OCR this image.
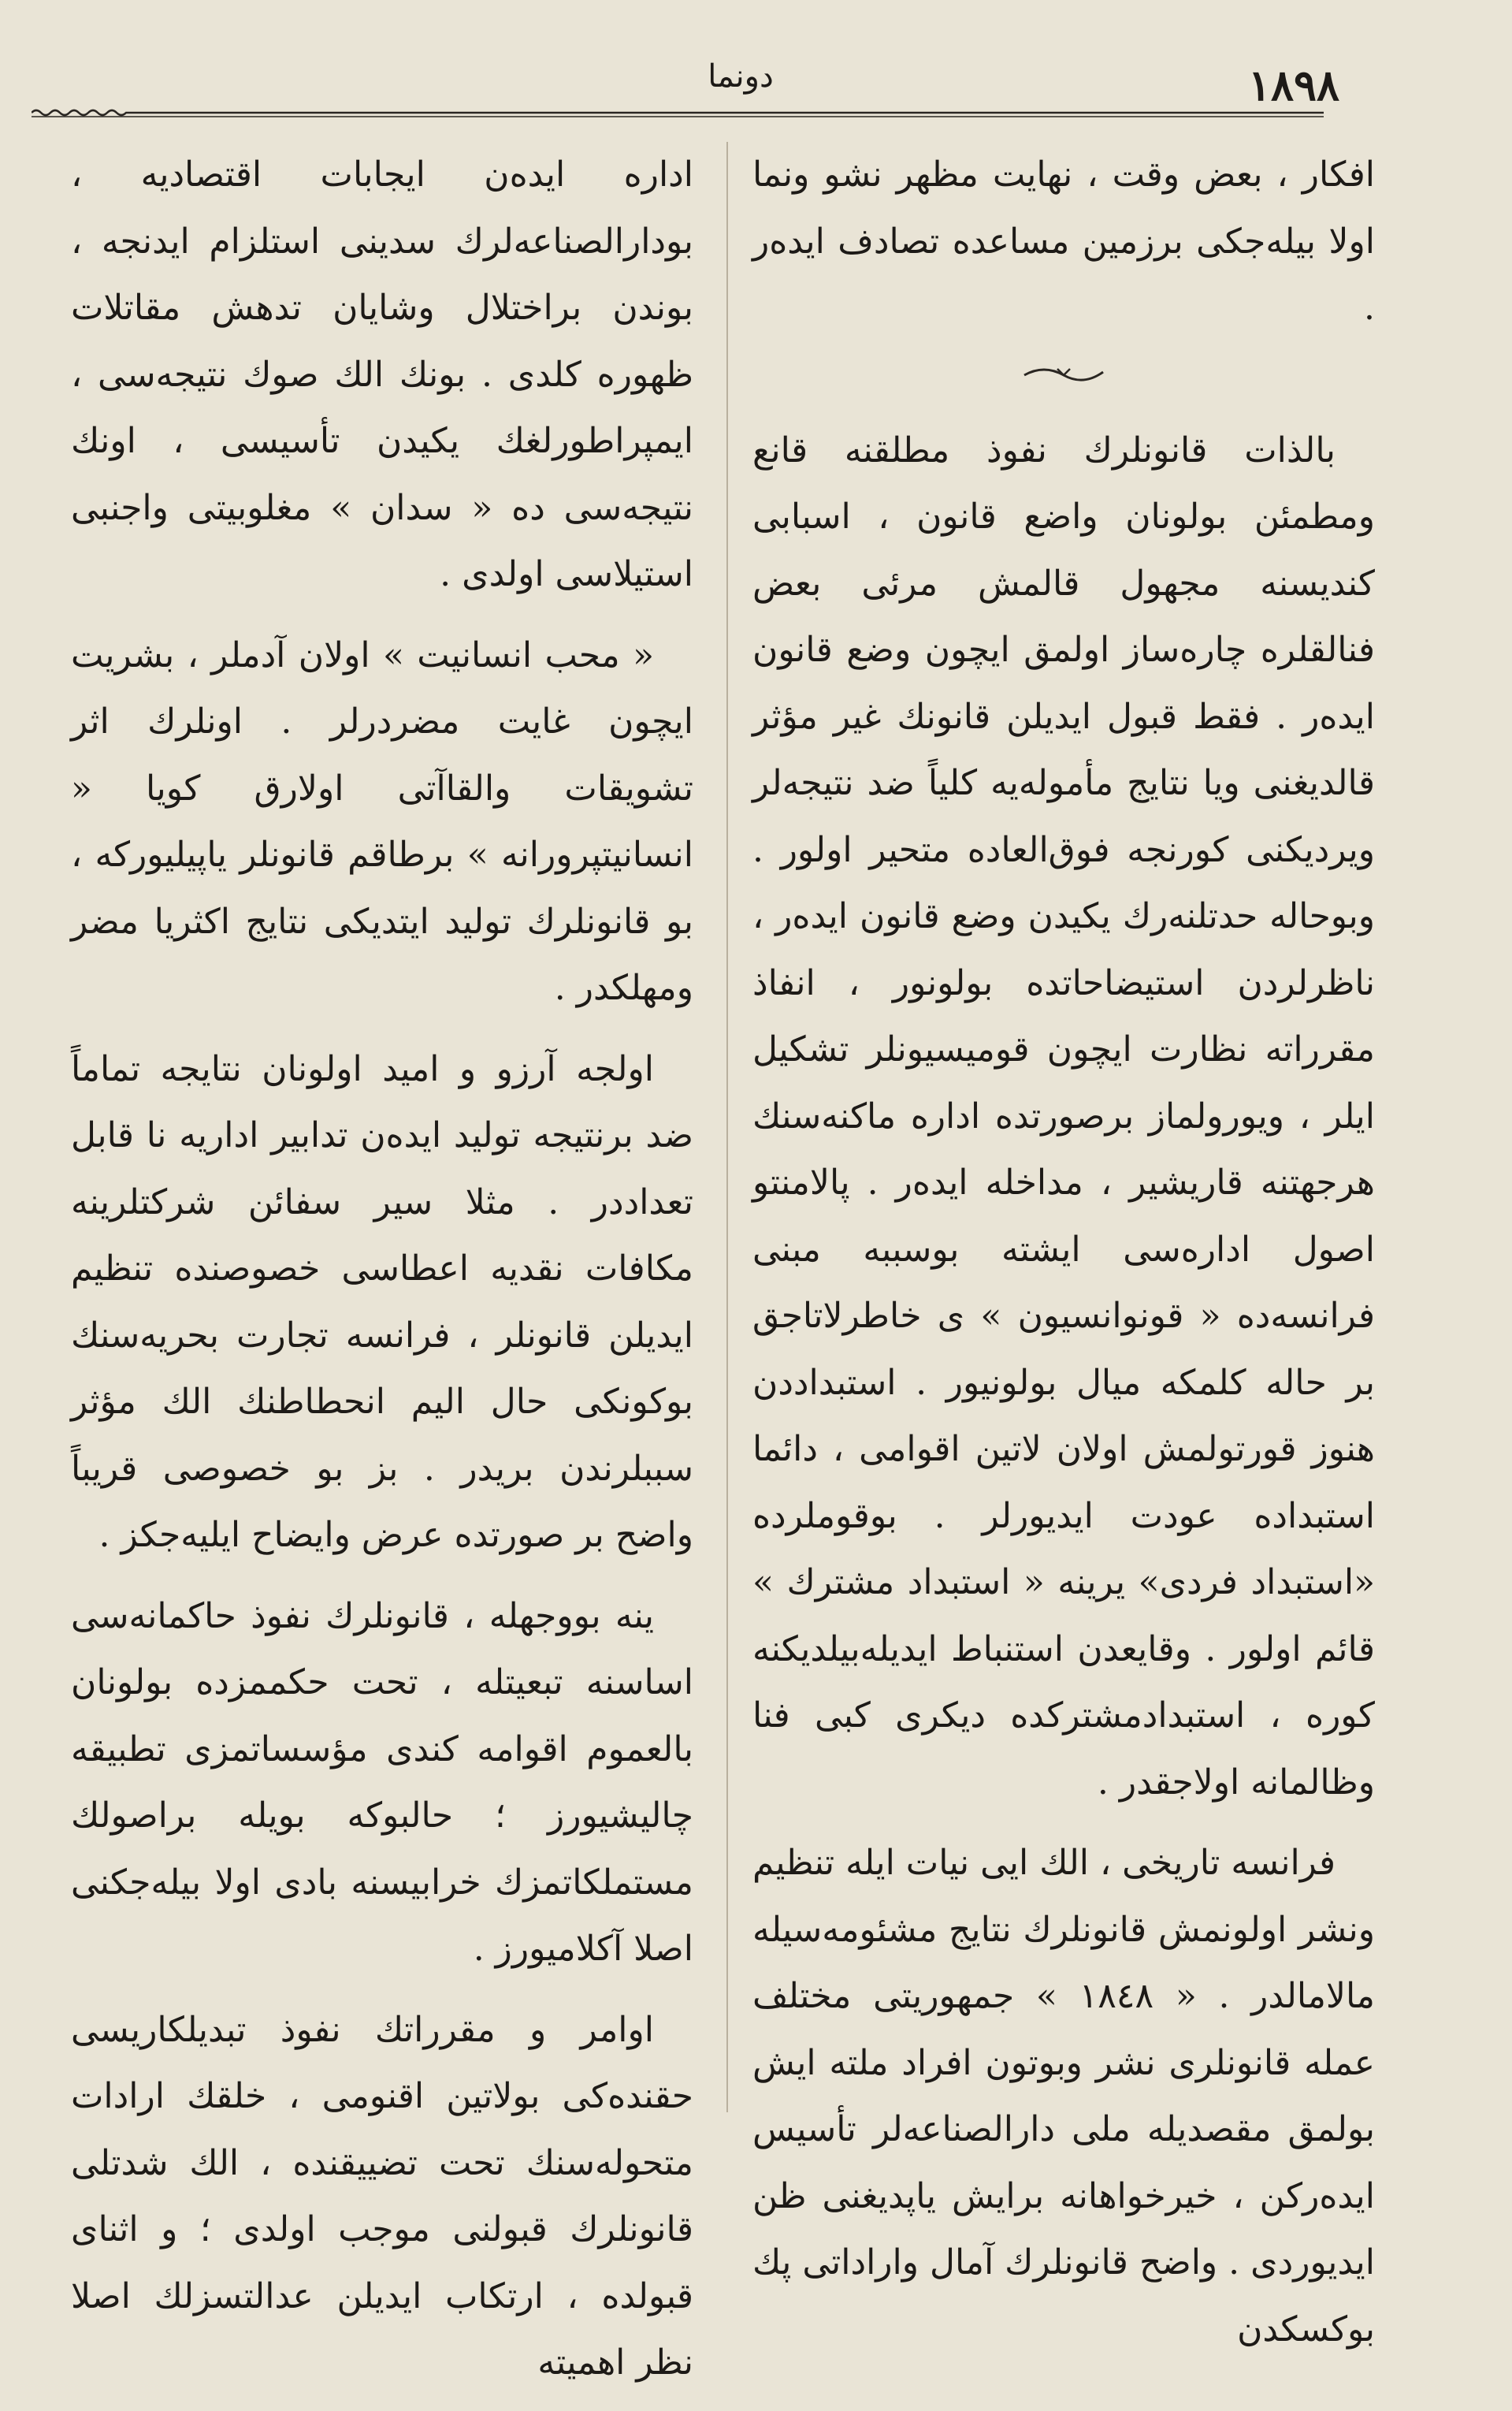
دونما	١٨٩٨

افکار ، بعض وقت ، نهایت مظهر نشو ونما اولا بیله‌جکی برزمین مساعده تصادف ایدەر .

بالذات قانونلرك نفوذ مطلقنه قانع ومطمئن بولونان واضع قانون ، اسبابی کندیسنه مجهول قالمش مرئی بعض فنالقلره چاره‌ساز اولمق ایچون وضع قانون ایدەر . فقط قبول ایدیلن قانونك غیر مؤثر قالدیغنی ویا نتایج مأموله‌یه کلیاً ضد نتیجه‌لر ویردیکنی کورنجه فوق‌العاده متحیر اولور . وبوحاله حدتلنه‌رك یکیدن وضع قانون ایدەر ، ناظرلردن استیضاحاتده بولونور ، انفاذ مقرراته نظارت ایچون قومیسیونلر تشکیل ایلر ، ویورولماز برصورتده اداره ماکنه‌سنك هرجهتنه قاریشیر ، مداخله ایدەر . پالامنتو اصول اداره‌سی ایشته بوسببه مبنی فرانسه‌ده « قونوانسیون » ی خاطرلاتاجق بر حاله کلمکه میال بولونیور . استبداددن هنوز قورتولمش اولان لاتین اقوامی ، دائما استبداده عودت ایدیورلر . بوقوملرده «استبداد فردی» یرینه « استبداد مشترك » قائم اولور . وقایعدن استنباط ایدیله‌بیلدیکنه کوره ، استبدادمشترکده دیکری کبی فنا وظالمانه اولاجقدر .

فرانسه تاریخی ، الك ایی نیات ایله تنظیم ونشر اولونمش قانونلرك نتایج مشئومه‌سیله مالامالدر . « ١٨٤٨ » جمهوریتی مختلف عمله قانونلری نشر وبوتون افراد ملته ایش بولمق مقصدیله ملی دارالصناعه‌لر تأسیس ایده‌رکن ، خیرخواهانه برایش یاپدیغنی ظن ایدیوردی . واضح قانونلرك آمال واراداتی پك بوکسکدن

اداره ایده‌ن ایجابات اقتصادیه ، بودارالصناعه‌لرك سدینی استلزام ایدنجه ، بوندن براختلال وشایان تدهش مقاتلات ظهوره کلدی . بونك الك صوك نتیجه‌سی ، ایمپراطورلغك یکیدن تأسیسی ، اونك نتیجه‌سی ده « سدان » مغلوبیتی واجنبی استیلاسی اولدی .

« محب انسانیت » اولان آدملر ، بشریت ایچون غایت مضردرلر . اونلرك اثر تشویقات والقاآتی اولارق کویا « انسانیتپرورانه » برطاقم قانونلر یاپیلیورکه ، بو قانونلرك تولید ایتدیکی نتایج اکثریا مضر ومهلکدر .

اولجه آرزو و امید اولونان نتایجه تماماً ضد برنتیجه تولید ایده‌ن تدابیر اداریه نا قابل تعداددر . مثلا سیر سفائن شرکتلرینه مکافات نقدیه اعطاسی خصوصنده تنظیم ایدیلن قانونلر ، فرانسه تجارت بحریه‌سنك بوکونکی حال الیم انحطاطنك الك مؤثر سببلرندن بریدر . بز بو خصوصی قریباً واضح بر صورتده عرض وایضاح ایلیه‌جکز .

ینه بووجهله ، قانونلرك نفوذ حاکمانه‌سی اساسنه تبعیتله ، تحت حکممزده بولونان بالعموم اقوامه کندی مؤسساتمزی تطبیقه چالیشیورز ؛ حالبوکه بویله براصولك مستملکاتمزك خرابیسنه بادی اولا بیله‌جکنی اصلا آکلامیورز .

اوامر و مقرراتك نفوذ تبدیلکاریسی حقنده‌کی بولاتین اقنومی ، خلقك ارادات متحوله‌سنك تحت تضییقنده ، الك شدتلی قانونلرك قبولنی موجب اولدی ؛ و اثنای قبولده ، ارتکاب ایدیلن عدالتسزلك اصلا نظر اهمیته
